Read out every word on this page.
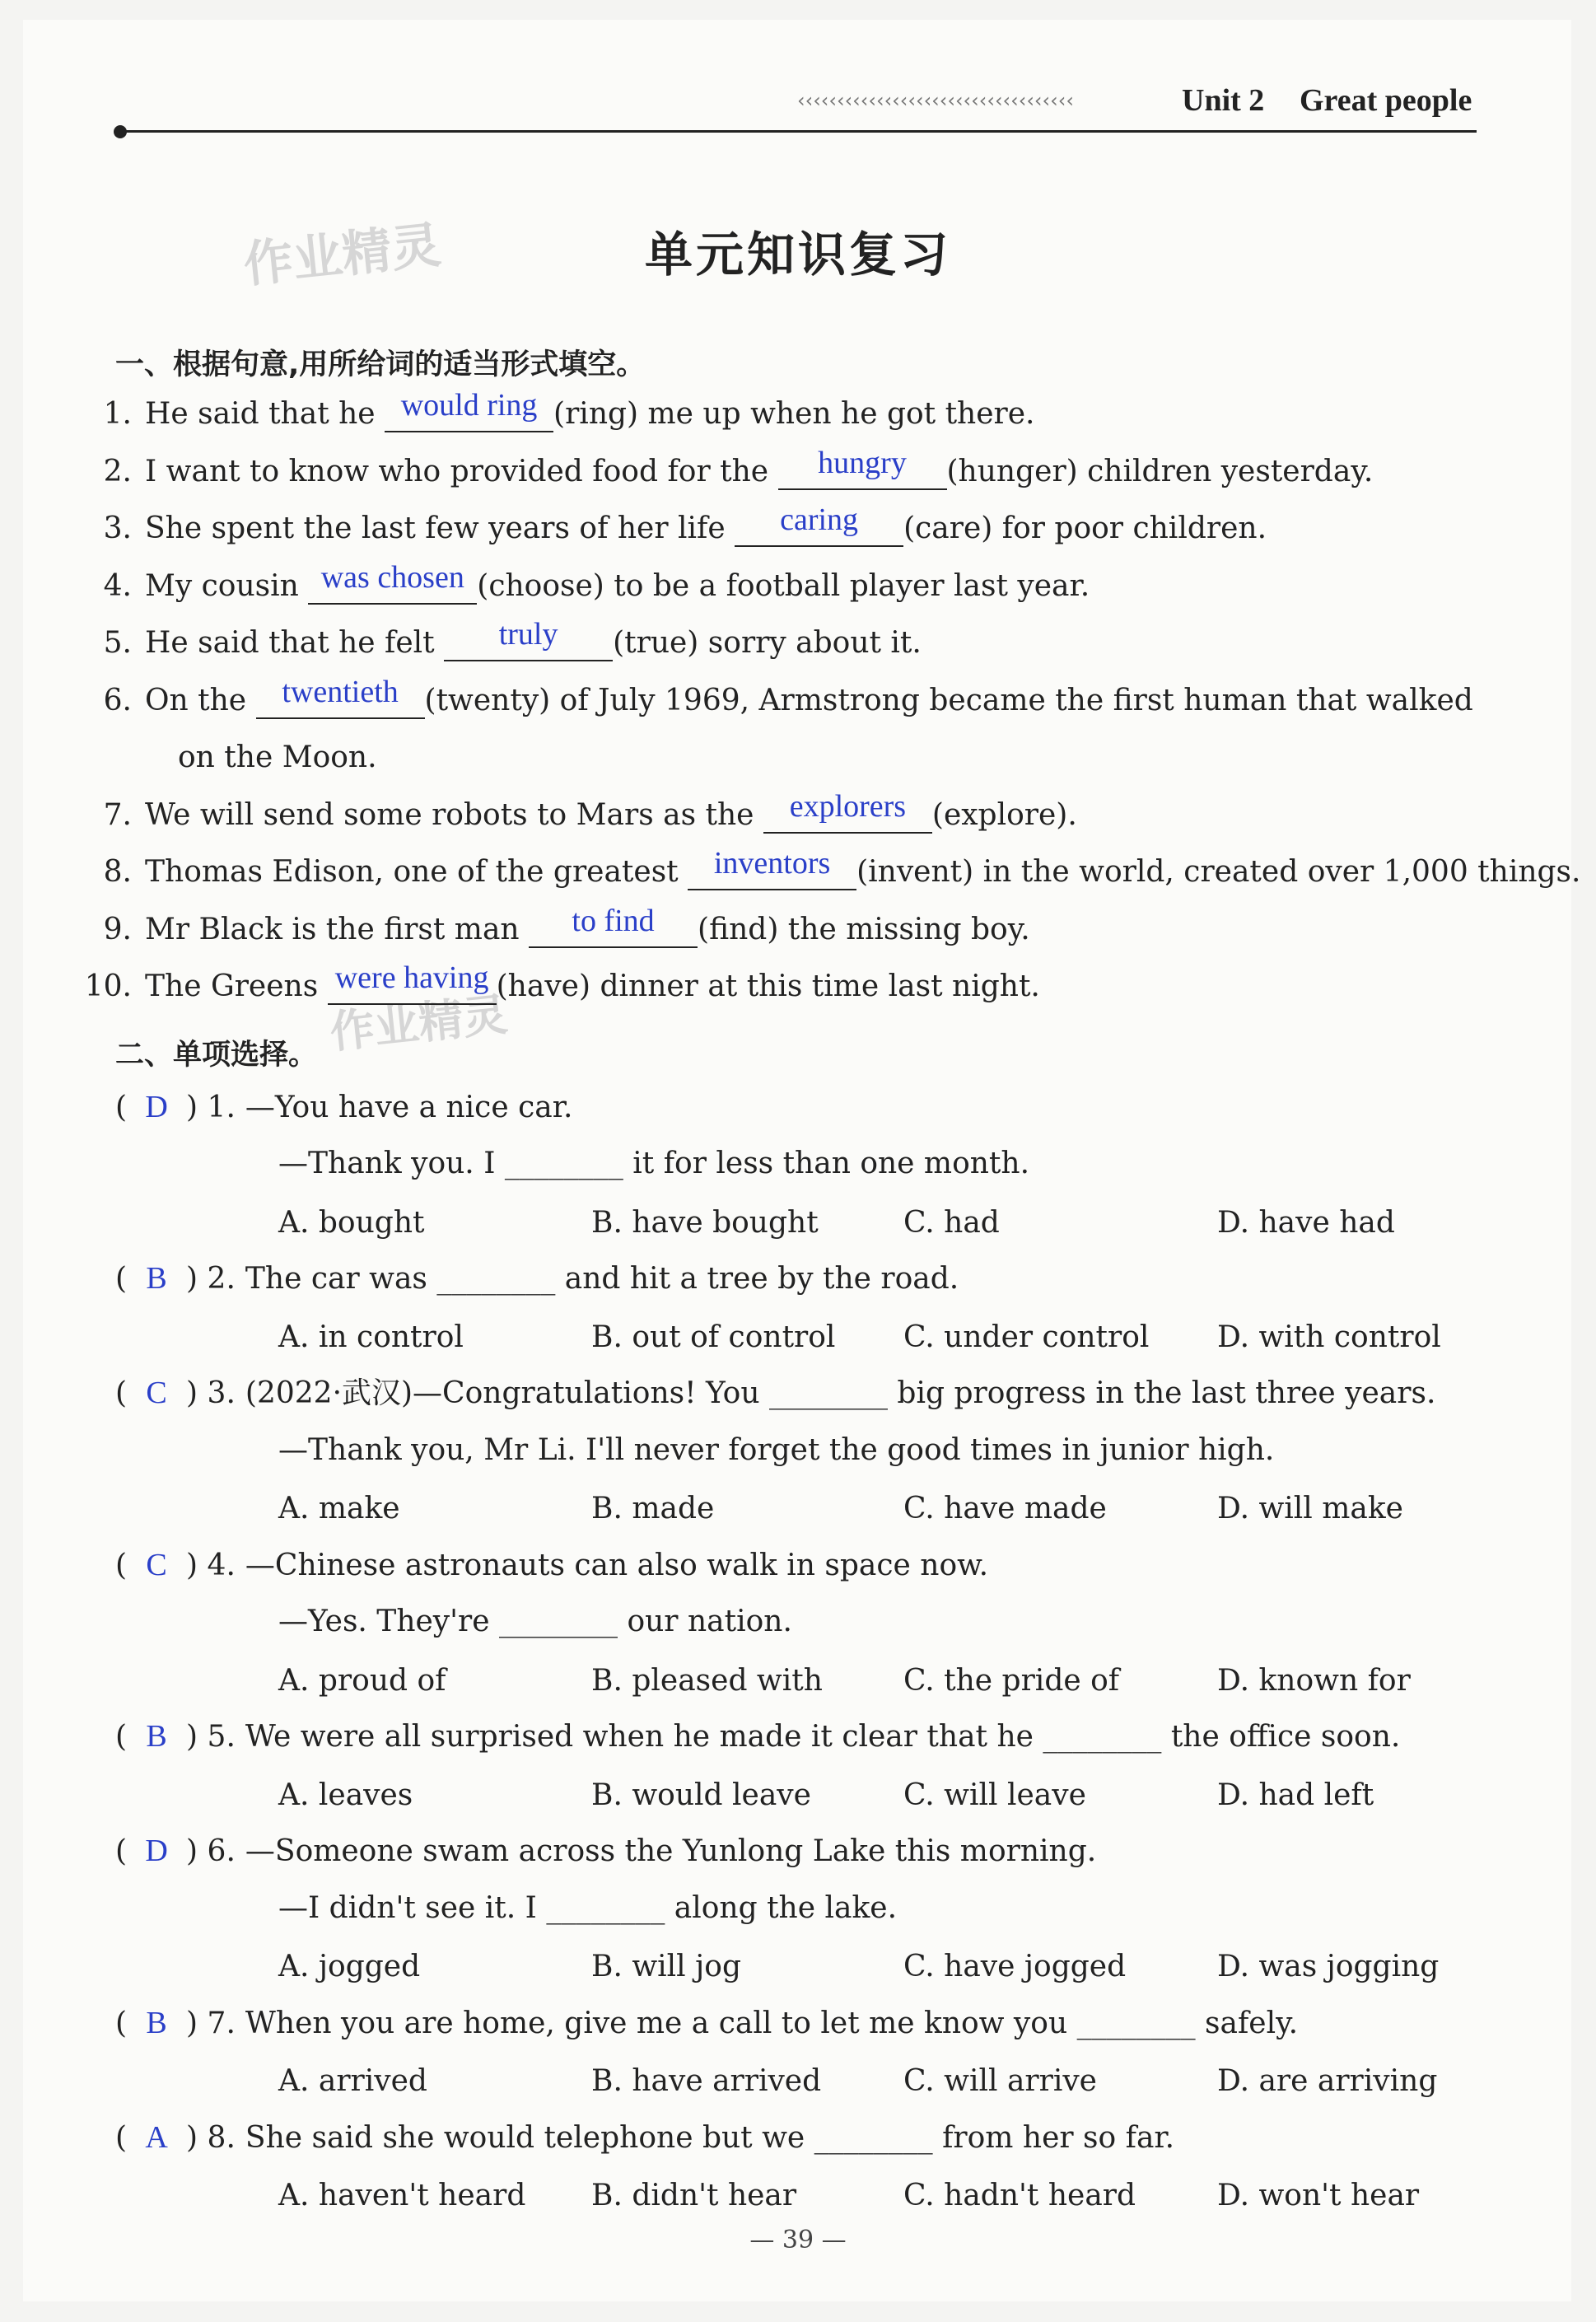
‹‹‹‹‹‹‹‹‹‹‹‹‹‹‹‹‹‹‹‹‹‹‹‹‹‹‹‹‹‹‹‹‹‹‹	Unit 2 Great people
作业精灵
作业精灵
单元知识复习
一、根据句意,用所给词的适当形式填空。
1. He said that he would ring (ring) me up when he got there.
2. I want to know who provided food for the hungry (hunger) children yesterday.
3. She spent the last few years of her life caring (care) for poor children.
4. My cousin was chosen (choose) to be a football player last year.
5. He said that he felt truly (true) sorry about it.
6. On the twentieth (twenty) of July 1969, Armstrong became the first human that walked
on the Moon.
7. We will send some robots to Mars as the explorers (explore).
8. Thomas Edison, one of the greatest inventors (invent) in the world, created over 1,000 things.
9. Mr Black is the first man to find (find) the missing boy.
10. The Greens were having (have) dinner at this time last night.
二、单项选择。
( D ) 1. —You have a nice car.
—Thank you. I ________ it for less than one month.
A. bought	B. have bought	C. had	D. have had
( B ) 2. The car was ________ and hit a tree by the road.
A. in control	B. out of control C. under control D. with control
( C ) 3. (2022·武汉)—Congratulations! You ________ big progress in the last three years.
—Thank you, Mr Li. I'll never forget the good times in junior high.
A. make	B. made	C. have made	D. will make
( C ) 4. —Chinese astronauts can also walk in space now.
—Yes. They're ________ our nation.
A. proud of	B. pleased with	C. the pride of	D. known for
( B ) 5. We were all surprised when he made it clear that he ________ the office soon.
A. leaves	B. would leave	C. will leave	D. had left
( D ) 6. —Someone swam across the Yunlong Lake this morning.
—I didn't see it. I ________ along the lake.
A. jogged	B. will jog	C. have jogged	D. was jogging
( B ) 7. When you are home, give me a call to let me know you ________ safely.
A. arrived	B. have arrived	C. will arrive	D. are arriving
( A ) 8. She said she would telephone but we ________ from her so far.
A. haven't heard B. didn't hear	C. hadn't heard	D. won't hear
— 39 —
